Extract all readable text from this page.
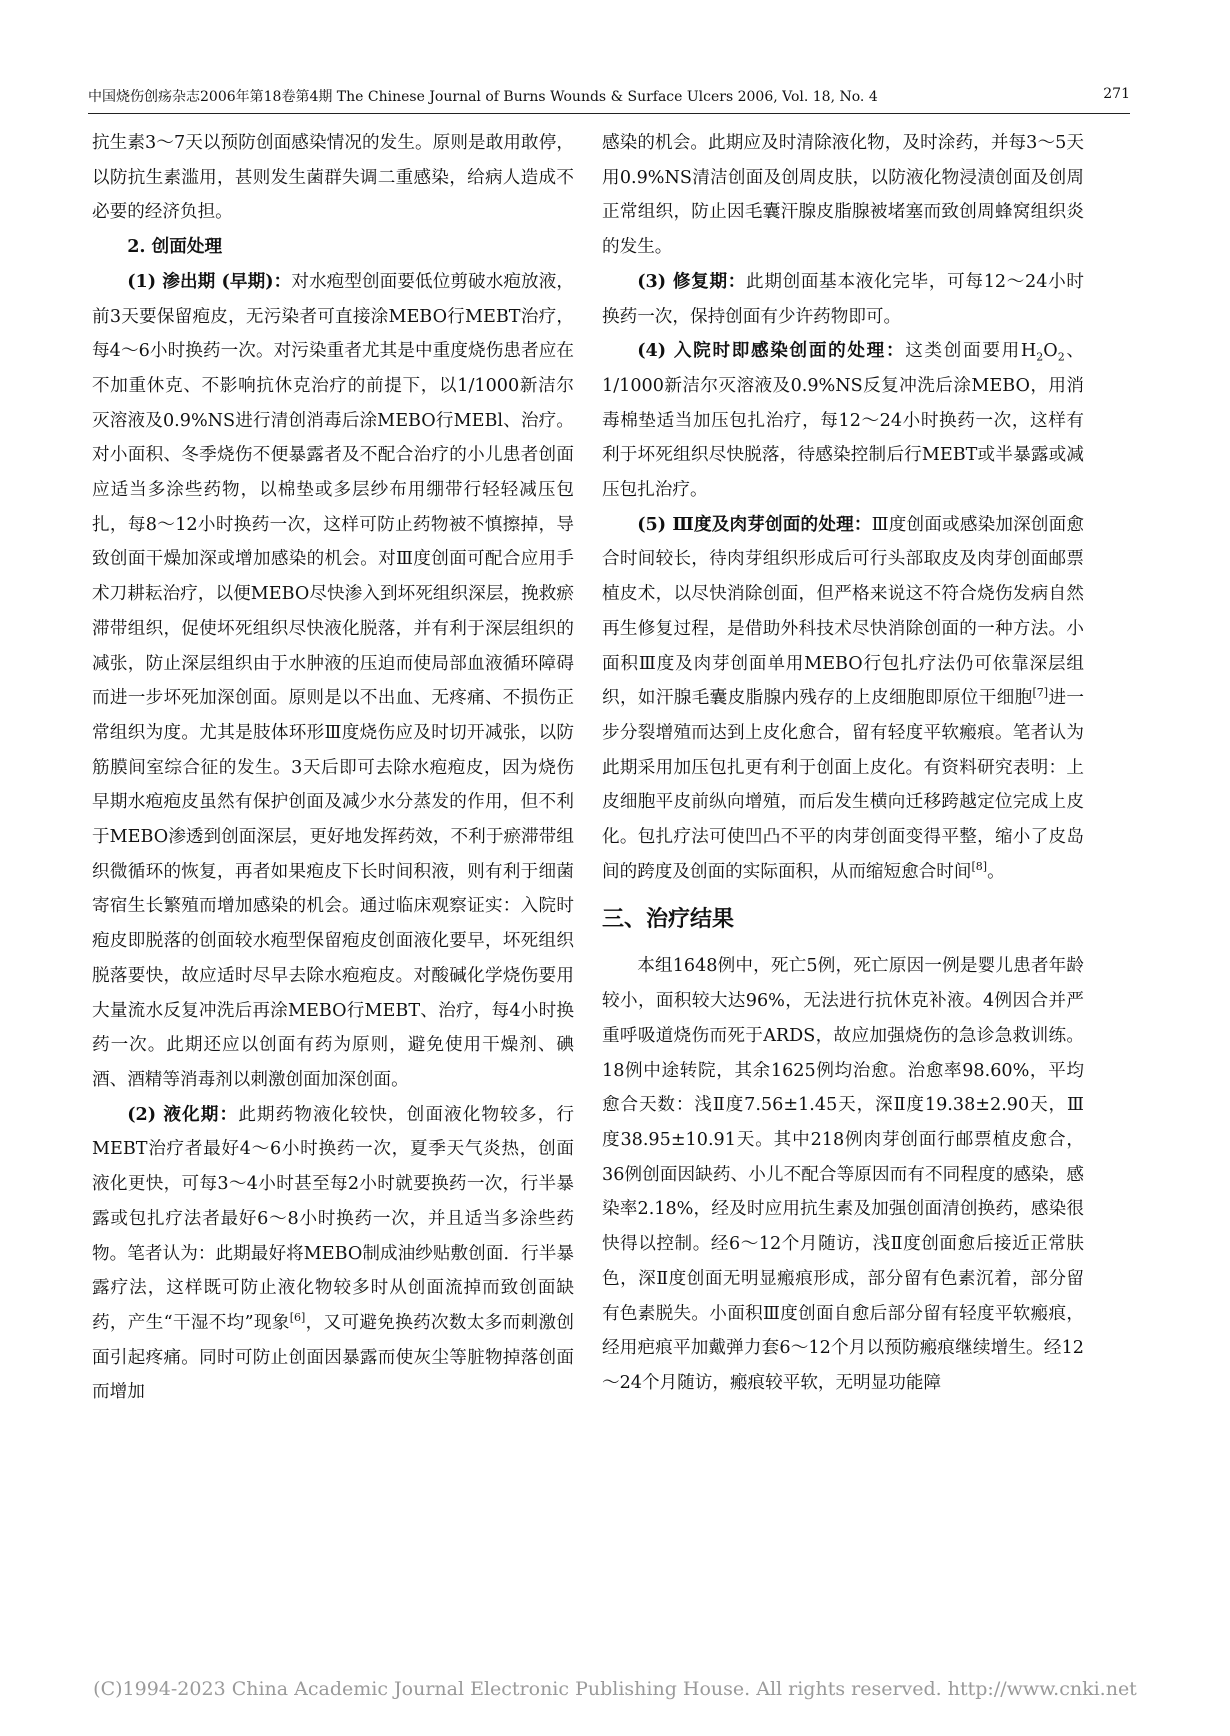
中国烧伤创疡杂志2006年第18卷第4期 The Chinese Journal of Burns Wounds & Surface Ulcers 2006, Vol. 18, No. 4	271

抗生素3～7天以预防创面感染情况的发生。原则是敢用敢停，以防抗生素滥用，甚则发生菌群失调二重感染，给病人造成不必要的经济负担。

2. 创面处理

(1) 渗出期 (早期)：对水疱型创面要低位剪破水疱放液，前3天要保留疱皮，无污染者可直接涂MEBO行MEBT治疗，每4～6小时换药一次。对污染重者尤其是中重度烧伤患者应在不加重休克、不影响抗休克治疗的前提下，以1/1000新洁尔灭溶液及0.9%NS进行清创消毒后涂MEBO行MEBl、治疗。对小面积、冬季烧伤不便暴露者及不配合治疗的小儿患者创面应适当多涂些药物，以棉垫或多层纱布用绷带行轻轻减压包扎，每8～12小时换药一次，这样可防止药物被不慎擦掉，导致创面干燥加深或增加感染的机会。对Ⅲ度创面可配合应用手术刀耕耘治疗，以便MEBO尽快渗入到坏死组织深层，挽救瘀滞带组织，促使坏死组织尽快液化脱落，并有利于深层组织的减张，防止深层组织由于水肿液的压迫而使局部血液循环障碍而进一步坏死加深创面。原则是以不出血、无疼痛、不损伤正常组织为度。尤其是肢体环形Ⅲ度烧伤应及时切开减张，以防筋膜间室综合征的发生。3天后即可去除水疱疱皮，因为烧伤早期水疱疱皮虽然有保护创面及减少水分蒸发的作用，但不利于MEBO渗透到创面深层，更好地发挥药效，不利于瘀滞带组织微循环的恢复，再者如果疱皮下长时间积液，则有利于细菌寄宿生长繁殖而增加感染的机会。通过临床观察证实：入院时疱皮即脱落的创面较水疱型保留疱皮创面液化要早，坏死组织脱落要快，故应适时尽早去除水疱疱皮。对酸碱化学烧伤要用大量流水反复冲洗后再涂MEBO行MEBT、治疗，每4小时换药一次。此期还应以创面有药为原则，避免使用干燥剂、碘酒、酒精等消毒剂以刺激创面加深创面。

(2) 液化期：此期药物液化较快，创面液化物较多，行MEBT治疗者最好4～6小时换药一次，夏季天气炎热，创面液化更快，可每3～4小时甚至每2小时就要换药一次，行半暴露或包扎疗法者最好6～8小时换药一次，并且适当多涂些药物。笔者认为：此期最好将MEBO制成油纱贴敷创面．行半暴露疗法，这样既可防止液化物较多时从创面流掉而致创面缺药，产生“干湿不均”现象[6]，又可避免换药次数太多而刺激创面引起疼痛。同时可防止创面因暴露而使灰尘等脏物掉落创面而增加

感染的机会。此期应及时清除液化物，及时涂药，并每3～5天用0.9%NS清洁创面及创周皮肤，以防液化物浸渍创面及创周正常组织，防止因毛囊汗腺皮脂腺被堵塞而致创周蜂窝组织炎的发生。

(3) 修复期：此期创面基本液化完毕，可每12～24小时换药一次，保持创面有少许药物即可。

(4) 入院时即感染创面的处理：这类创面要用$H_2O_2$、1/1000新洁尔灭溶液及0.9%NS反复冲洗后涂MEBO，用消毒棉垫适当加压包扎治疗，每12～24小时换药一次，这样有利于坏死组织尽快脱落，待感染控制后行MEBT或半暴露或减压包扎治疗。

(5) Ⅲ度及肉芽创面的处理：Ⅲ度创面或感染加深创面愈合时间较长，待肉芽组织形成后可行头部取皮及肉芽创面邮票植皮术，以尽快消除创面，但严格来说这不符合烧伤发病自然再生修复过程，是借助外科技术尽快消除创面的一种方法。小面积Ⅲ度及肉芽创面单用MEBO行包扎疗法仍可依靠深层组织，如汗腺毛囊皮脂腺内残存的上皮细胞即原位干细胞[7]进一步分裂增殖而达到上皮化愈合，留有轻度平软瘢痕。笔者认为此期采用加压包扎更有利于创面上皮化。有资料研究表明：上皮细胞平皮前纵向增殖，而后发生横向迁移跨越定位完成上皮化。包扎疗法可使凹凸不平的肉芽创面变得平整，缩小了皮岛间的跨度及创面的实际面积，从而缩短愈合时间[8]。

三、治疗结果

本组1648例中，死亡5例，死亡原因一例是婴儿患者年龄较小，面积较大达96%，无法进行抗休克补液。4例因合并严重呼吸道烧伤而死于ARDS，故应加强烧伤的急诊急救训练。18例中途转院，其余1625例均治愈。治愈率98.60%，平均愈合天数：浅Ⅱ度7.56±1.45天，深Ⅱ度19.38±2.90天，Ⅲ度38.95±10.91天。其中218例肉芽创面行邮票植皮愈合，36例创面因缺药、小儿不配合等原因而有不同程度的感染，感染率2.18%，经及时应用抗生素及加强创面清创换药，感染很快得以控制。经6～12个月随访，浅Ⅱ度创面愈后接近正常肤色，深Ⅱ度创面无明显瘢痕形成，部分留有色素沉着，部分留有色素脱失。小面积Ⅲ度创面自愈后部分留有轻度平软瘢痕，经用疤痕平加戴弹力套6～12个月以预防瘢痕继续增生。经12～24个月随访，瘢痕较平软，无明显功能障

(C)1994-2023 China Academic Journal Electronic Publishing House. All rights reserved. http://www.cnki.net
